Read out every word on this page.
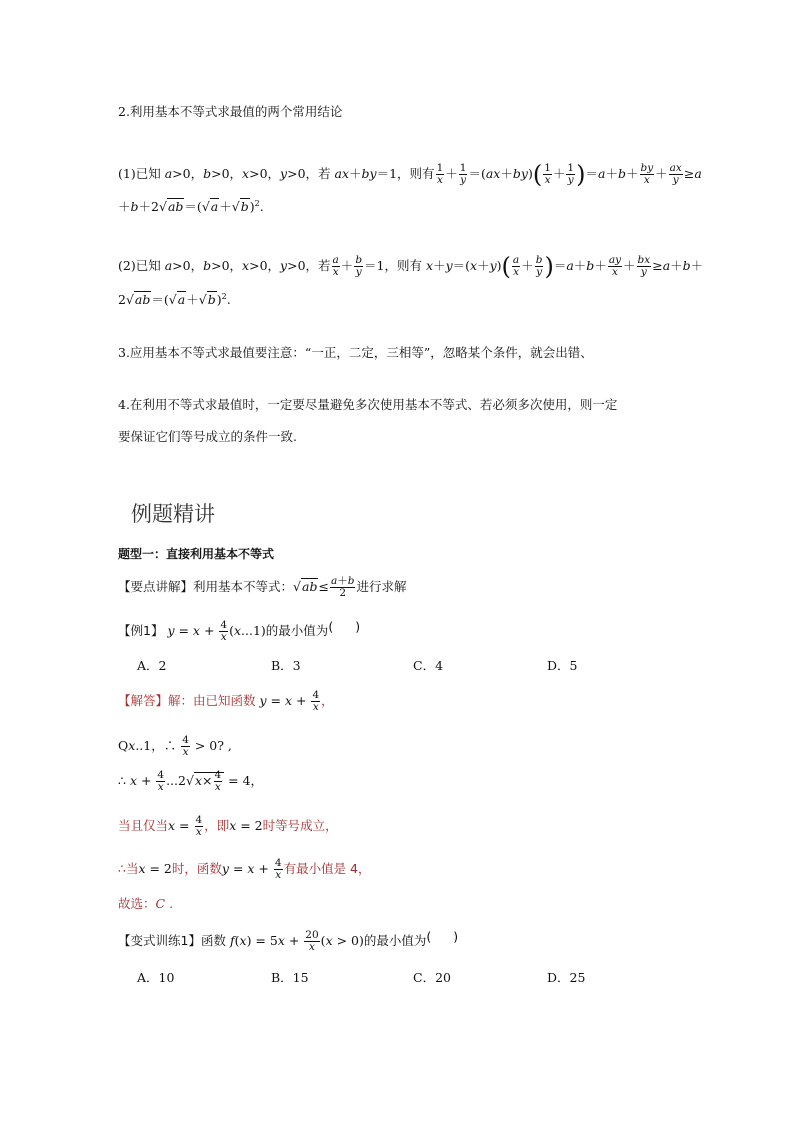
2.利用基本不等式求最值的两个常用结论
(1)已知 a>0，b>0，x>0，y>0，若 ax＋by＝1，则有 $\frac{1}{x} + \frac{1}{y} =(ax+by)( \frac{1}{x} + \frac{1}{y} )=a+b+ \frac{by}{x} + \frac{ax}{y} \ge a$
$+b+2√ab=(√a+√b)^2$.
(2)已知 a>0，b>0，x>0，y>0，若 $\frac{a}{x} + \frac{b}{y} =1$，则有 $x+y=(x+y)( \frac{a}{x} + \frac{b}{y} )=a+b+ \frac{ay}{x} + \frac{bx}{y} \ge a+b+$
$2√ab=(√a+√b)^2$.
3.应用基本不等式求最值要注意：“一正，二定，三相等”，忽略某个条件，就会出错、
4.在利用不等式求最值时，一定要尽量避免多次使用基本不等式、若必须多次使用，则一定
要保证它们等号成立的条件一致.
例题精讲
题型一：直接利用基本不等式
【要点讲解】利用基本不等式：√ab≤ a＋b
2 进行求解
【例1】 $y = x + \frac{4}{x} (x...1)$的最小值为( )
A．2	B．3	C．4	D．5
【解答】解：由已知函数 $y = x + \frac{4}{x}$ ，
Qx..1，∴ $\frac{4}{x} > 0$? ,
∴ $x + \frac{4}{x} ...2√x\times \frac{4}{x} = 4$，
当且仅当$x = \frac{4}{x}$ ，即x = 2时等号成立，
∴当x = 2时，函数$y = x + \frac{4}{x}$ 有最小值是 4，
故选：C .
【变式训练1】函数 $f(x) = 5x + \frac{20}{x} (x > 0)$的最小值为( )
A．10	B．15	C．20	D．25
